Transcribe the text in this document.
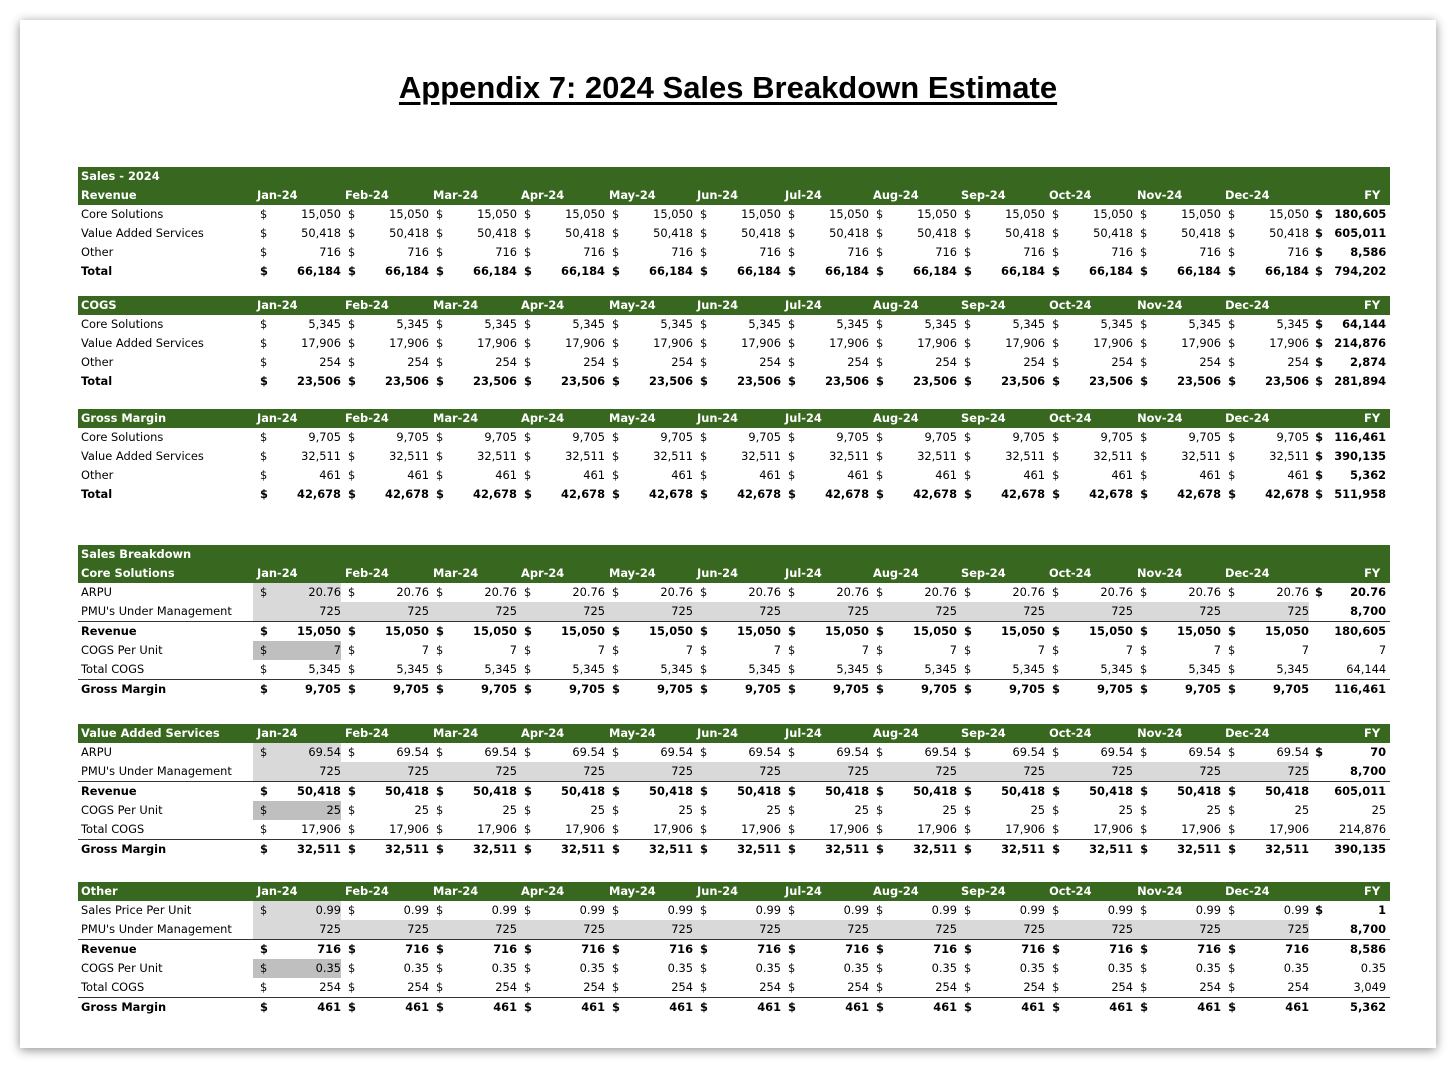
Appendix 7: 2024 Sales Breakdown Estimate
Sales - 2024																										
Revenue	Jan-24		Feb-24		Mar-24		Apr-24		May-24		Jun-24		Jul-24		Aug-24		Sep-24		Oct-24		Nov-24		Dec-24		FY	
Core Solutions	$	15,050	$	15,050	$	15,050	$	15,050	$	15,050	$	15,050	$	15,050	$	15,050	$	15,050	$	15,050	$	15,050	$	15,050	$	180,605
Value Added Services	$	50,418	$	50,418	$	50,418	$	50,418	$	50,418	$	50,418	$	50,418	$	50,418	$	50,418	$	50,418	$	50,418	$	50,418	$	605,011
Other	$	716	$	716	$	716	$	716	$	716	$	716	$	716	$	716	$	716	$	716	$	716	$	716	$	8,586
Total	$	66,184	$	66,184	$	66,184	$	66,184	$	66,184	$	66,184	$	66,184	$	66,184	$	66,184	$	66,184	$	66,184	$	66,184	$	794,202
COGS	Jan-24		Feb-24		Mar-24		Apr-24		May-24		Jun-24		Jul-24		Aug-24		Sep-24		Oct-24		Nov-24		Dec-24		FY	
Core Solutions	$	5,345	$	5,345	$	5,345	$	5,345	$	5,345	$	5,345	$	5,345	$	5,345	$	5,345	$	5,345	$	5,345	$	5,345	$	64,144
Value Added Services	$	17,906	$	17,906	$	17,906	$	17,906	$	17,906	$	17,906	$	17,906	$	17,906	$	17,906	$	17,906	$	17,906	$	17,906	$	214,876
Other	$	254	$	254	$	254	$	254	$	254	$	254	$	254	$	254	$	254	$	254	$	254	$	254	$	2,874
Total	$	23,506	$	23,506	$	23,506	$	23,506	$	23,506	$	23,506	$	23,506	$	23,506	$	23,506	$	23,506	$	23,506	$	23,506	$	281,894
Gross Margin	Jan-24		Feb-24		Mar-24		Apr-24		May-24		Jun-24		Jul-24		Aug-24		Sep-24		Oct-24		Nov-24		Dec-24		FY	
Core Solutions	$	9,705	$	9,705	$	9,705	$	9,705	$	9,705	$	9,705	$	9,705	$	9,705	$	9,705	$	9,705	$	9,705	$	9,705	$	116,461
Value Added Services	$	32,511	$	32,511	$	32,511	$	32,511	$	32,511	$	32,511	$	32,511	$	32,511	$	32,511	$	32,511	$	32,511	$	32,511	$	390,135
Other	$	461	$	461	$	461	$	461	$	461	$	461	$	461	$	461	$	461	$	461	$	461	$	461	$	5,362
Total	$	42,678	$	42,678	$	42,678	$	42,678	$	42,678	$	42,678	$	42,678	$	42,678	$	42,678	$	42,678	$	42,678	$	42,678	$	511,958
Sales Breakdown																										
Core Solutions	Jan-24		Feb-24		Mar-24		Apr-24		May-24		Jun-24		Jul-24		Aug-24		Sep-24		Oct-24		Nov-24		Dec-24		FY	
ARPU	$	20.76	$	20.76	$	20.76	$	20.76	$	20.76	$	20.76	$	20.76	$	20.76	$	20.76	$	20.76	$	20.76	$	20.76	$	20.76
PMU's Under Management		725		725		725		725		725		725		725		725		725		725		725		725		8,700
Revenue	$	15,050	$	15,050	$	15,050	$	15,050	$	15,050	$	15,050	$	15,050	$	15,050	$	15,050	$	15,050	$	15,050	$	15,050		180,605
COGS Per Unit	$	7	$	7	$	7	$	7	$	7	$	7	$	7	$	7	$	7	$	7	$	7	$	7		7
Total COGS	$	5,345	$	5,345	$	5,345	$	5,345	$	5,345	$	5,345	$	5,345	$	5,345	$	5,345	$	5,345	$	5,345	$	5,345		64,144
Gross Margin	$	9,705	$	9,705	$	9,705	$	9,705	$	9,705	$	9,705	$	9,705	$	9,705	$	9,705	$	9,705	$	9,705	$	9,705		116,461
Value Added Services	Jan-24		Feb-24		Mar-24		Apr-24		May-24		Jun-24		Jul-24		Aug-24		Sep-24		Oct-24		Nov-24		Dec-24		FY	
ARPU	$	69.54	$	69.54	$	69.54	$	69.54	$	69.54	$	69.54	$	69.54	$	69.54	$	69.54	$	69.54	$	69.54	$	69.54	$	70
PMU's Under Management		725		725		725		725		725		725		725		725		725		725		725		725		8,700
Revenue	$	50,418	$	50,418	$	50,418	$	50,418	$	50,418	$	50,418	$	50,418	$	50,418	$	50,418	$	50,418	$	50,418	$	50,418		605,011
COGS Per Unit	$	25	$	25	$	25	$	25	$	25	$	25	$	25	$	25	$	25	$	25	$	25	$	25		25
Total COGS	$	17,906	$	17,906	$	17,906	$	17,906	$	17,906	$	17,906	$	17,906	$	17,906	$	17,906	$	17,906	$	17,906	$	17,906		214,876
Gross Margin	$	32,511	$	32,511	$	32,511	$	32,511	$	32,511	$	32,511	$	32,511	$	32,511	$	32,511	$	32,511	$	32,511	$	32,511		390,135
Other	Jan-24		Feb-24		Mar-24		Apr-24		May-24		Jun-24		Jul-24		Aug-24		Sep-24		Oct-24		Nov-24		Dec-24		FY	
Sales Price Per Unit	$	0.99	$	0.99	$	0.99	$	0.99	$	0.99	$	0.99	$	0.99	$	0.99	$	0.99	$	0.99	$	0.99	$	0.99	$	1
PMU's Under Management		725		725		725		725		725		725		725		725		725		725		725		725		8,700
Revenue	$	716	$	716	$	716	$	716	$	716	$	716	$	716	$	716	$	716	$	716	$	716	$	716		8,586
COGS Per Unit	$	0.35	$	0.35	$	0.35	$	0.35	$	0.35	$	0.35	$	0.35	$	0.35	$	0.35	$	0.35	$	0.35	$	0.35		0.35
Total COGS	$	254	$	254	$	254	$	254	$	254	$	254	$	254	$	254	$	254	$	254	$	254	$	254		3,049
Gross Margin	$	461	$	461	$	461	$	461	$	461	$	461	$	461	$	461	$	461	$	461	$	461	$	461		5,362
